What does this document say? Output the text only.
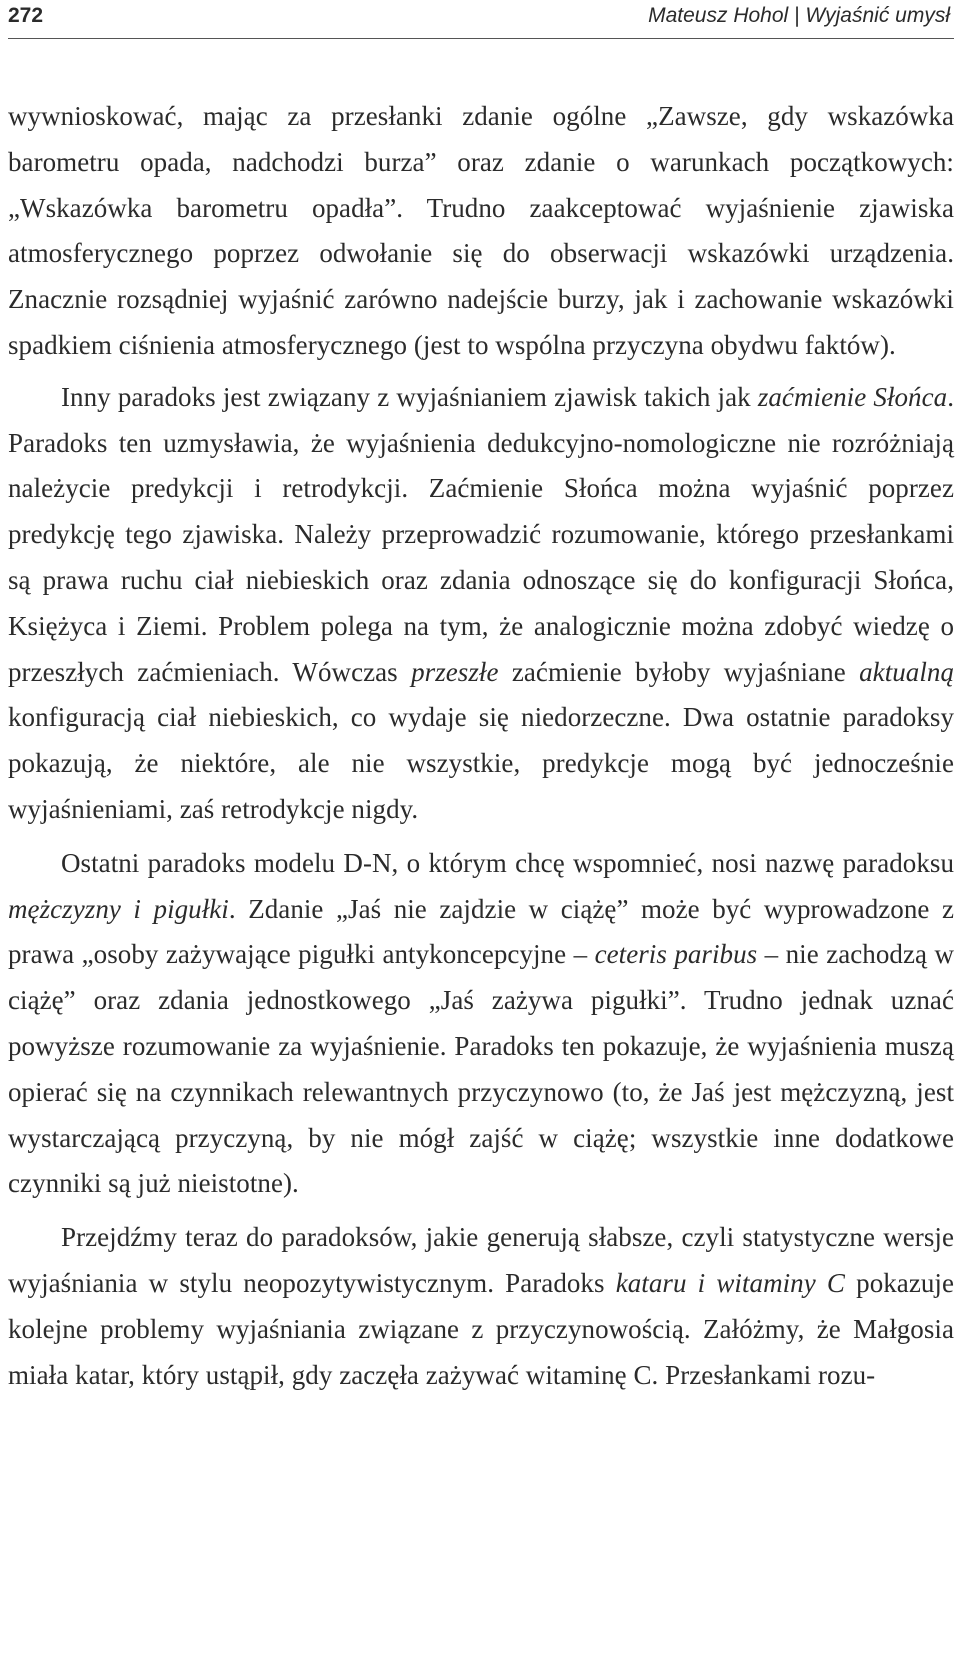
272	Mateusz Hohol | Wyjaśnić umysł

wywnioskować, mając za przesłanki zdanie ogólne „Zawsze, gdy wskazówka barometru opada, nadchodzi burza” oraz zdanie o warunkach początkowych: „Wskazówka barometru opadła”. Trudno zaakceptować wyjaśnienie zjawiska atmosferycznego poprzez odwołanie się do obserwacji wskazówki urządzenia. Znacznie rozsądniej wyjaśnić zarówno nadejście burzy, jak i zachowanie wskazówki spadkiem ciśnienia atmosferycznego (jest to wspólna przyczyna obydwu faktów).

Inny paradoks jest związany z wyjaśnianiem zjawisk takich jak zaćmienie Słońca. Paradoks ten uzmysławia, że wyjaśnienia dedukcyjno-nomologiczne nie rozróżniają należycie predykcji i retrodykcji. Zaćmienie Słońca można wyjaśnić poprzez predykcję tego zjawiska. Należy przeprowadzić rozumowanie, którego przesłankami są prawa ruchu ciał niebieskich oraz zdania odnoszące się do konfiguracji Słońca, Księżyca i Ziemi. Problem polega na tym, że analogicznie można zdobyć wiedzę o przeszłych zaćmieniach. Wówczas przeszłe zaćmienie byłoby wyjaśniane aktualną konfiguracją ciał niebieskich, co wydaje się niedorzeczne. Dwa ostatnie paradoksy pokazują, że niektóre, ale nie wszystkie, predykcje mogą być jednocześnie wyjaśnieniami, zaś retrodykcje nigdy.

Ostatni paradoks modelu D-N, o którym chcę wspomnieć, nosi nazwę paradoksu mężczyzny i pigułki. Zdanie „Jaś nie zajdzie w ciążę” może być wyprowadzone z prawa „osoby zażywające pigułki antykoncepcyjne – ceteris paribus – nie zachodzą w ciążę” oraz zdania jednostkowego „Jaś zażywa pigułki”. Trudno jednak uznać powyższe rozumowanie za wyjaśnienie. Paradoks ten pokazuje, że wyjaśnienia muszą opierać się na czynnikach relewantnych przyczynowo (to, że Jaś jest mężczyzną, jest wystarczającą przyczyną, by nie mógł zajść w ciążę; wszystkie inne dodatkowe czynniki są już nieistotne).

Przejdźmy teraz do paradoksów, jakie generują słabsze, czyli statystyczne wersje wyjaśniania w stylu neopozytywistycznym. Paradoks kataru i witaminy C pokazuje kolejne problemy wyjaśniania związane z przyczynowością. Załóżmy, że Małgosia miała katar, który ustąpił, gdy zaczęła zażywać witaminę C. Przesłankami rozu-
